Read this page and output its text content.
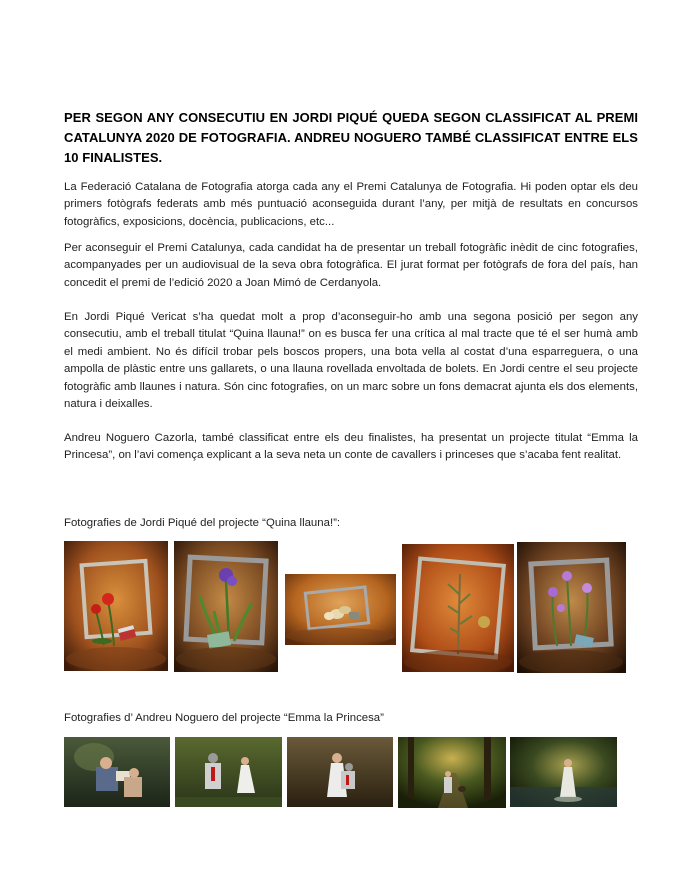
PER SEGON ANY CONSECUTIU EN JORDI PIQUÉ QUEDA SEGON CLASSIFICAT AL PREMI CATALUNYA 2020 DE FOTOGRAFIA. ANDREU NOGUERO TAMBÉ CLASSIFICAT ENTRE ELS 10 FINALISTES.

La Federació Catalana de Fotografia atorga cada any el Premi Catalunya de Fotografia. Hi poden optar els deu primers fotògrafs federats amb més puntuació aconseguida durant l’any, per mitjà de resultats en concursos fotogràfics, exposicions, docència, publicacions, etc...

Per aconseguir el Premi Catalunya, cada candidat ha de presentar un treball fotogràfic inèdit de cinc fotografies, acompanyades per un audiovisual de la seva obra fotogràfica. El jurat format per fotògrafs de fora del país, han concedit el premi de l’edició 2020 a Joan Mimó de Cerdanyola.

En Jordi Piqué Vericat s’ha quedat molt a prop d’aconseguir-ho amb una segona posició per segon any consecutiu, amb el treball titulat “Quina llauna!” on es busca fer una crítica al mal tracte que té el ser humà amb el medi ambient. No és difícil trobar pels boscos propers, una bota vella al costat d’una esparreguera, o una ampolla de plàstic entre uns gallarets, o una llauna rovellada envoltada de bolets. En Jordi centre el seu projecte fotogràfic amb llaunes i natura. Són cinc fotografies, on un marc sobre un fons demacrat ajunta els dos elements, natura i deixalles.

Andreu Noguero Cazorla, també classificat entre els deu finalistes, ha presentat un projecte titulat “Emma la Princesa”, on l’avi comença explicant a la seva neta un conte de cavallers i princeses que s’acaba fent realitat.

Fotografies de Jordi Piqué del projecte “Quina llauna!”:
Fotografies d’ Andreu Noguero del projecte “Emma la Princesa”
